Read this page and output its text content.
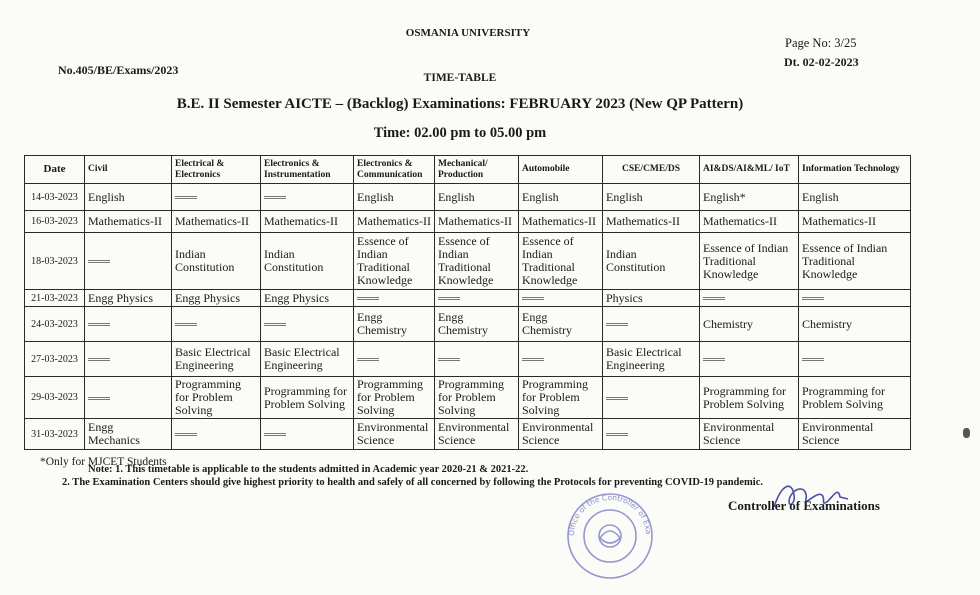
OSMANIA UNIVERSITY
Page No: 3/25
No.405/BE/Exams/2023
Dt. 02-02-2023
TIME-TABLE
B.E. II Semester AICTE – (Backlog) Examinations: FEBRUARY 2023 (New QP Pattern)
Time: 02.00 pm to 05.00 pm
Date	Civil	Electrical & Electronics	Electronics & Instrumentation	Electronics & Communication	Mechanical/ Production	Automobile	CSE/CME/DS	AI&DS/AI&ML/ IoT	Information Technology
14-03-2023	English			English	English	English	English	English*	English
16-03-2023	Mathematics-II	Mathematics-II	Mathematics-II	Mathematics-II	Mathematics-II	Mathematics-II	Mathematics-II	Mathematics-II	Mathematics-II
18-03-2023		Indian Constitution	Indian Constitution	Essence of Indian Traditional Knowledge	Essence of Indian Traditional Knowledge	Essence of Indian Traditional Knowledge	Indian Constitution	Essence of Indian Traditional Knowledge	Essence of Indian Traditional Knowledge
21-03-2023	Engg Physics	Engg Physics	Engg Physics				Physics		
24-03-2023				Engg Chemistry	Engg Chemistry	Engg Chemistry		Chemistry	Chemistry
27-03-2023		Basic Electrical Engineering	Basic Electrical Engineering				Basic Electrical Engineering		
29-03-2023		Programming for Problem Solving	Programming for Problem Solving	Programming for Problem Solving	Programming for Problem Solving	Programming for Problem Solving		Programming for Problem Solving	Programming for Problem Solving
31-03-2023	Engg Mechanics			Environmental Science	Environmental Science	Environmental Science		Environmental Science	Environmental Science
*Only for MJCET Students
Note: 1. This timetable is applicable to the students admitted in Academic year 2020-21 & 2021-22.
2. The Examination Centers should give highest priority to health and safely of all concerned by following the Protocols for preventing COVID-19 pandemic.
Office of the Controller of Exa
Controller of Examinations
